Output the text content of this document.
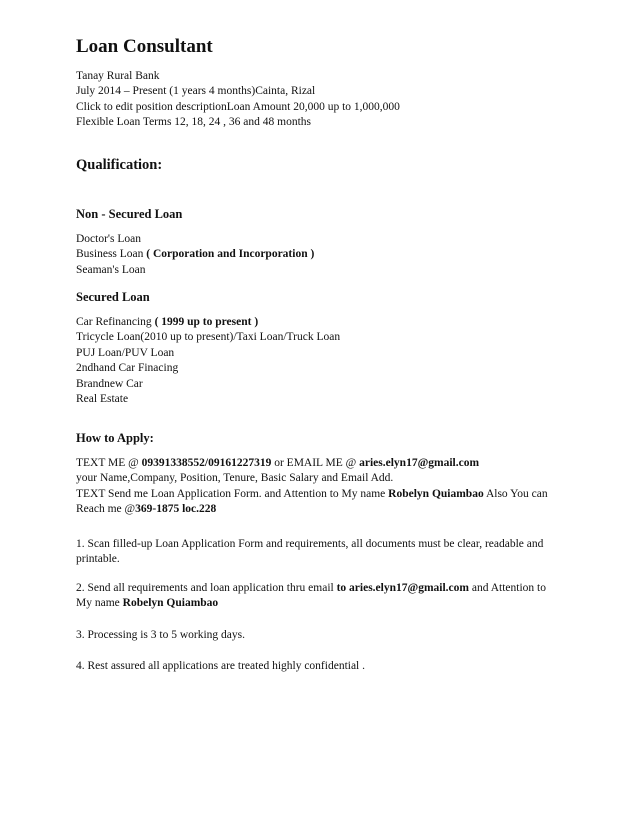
Loan Consultant
Tanay Rural Bank
July 2014 – Present (1 years 4 months)Cainta, Rizal
Click to edit position descriptionLoan Amount 20,000 up to 1,000,000
Flexible Loan Terms 12, 18, 24 , 36 and 48 months
Qualification:
Non - Secured Loan
Doctor's Loan
Business Loan ( Corporation and Incorporation )
Seaman's Loan
Secured Loan
Car Refinancing ( 1999 up to present )
Tricycle Loan(2010 up to present)/Taxi Loan/Truck Loan
PUJ Loan/PUV Loan
2ndhand Car Finacing
Brandnew Car
Real Estate
How to Apply:
TEXT ME @ 09391338552/09161227319 or EMAIL ME @ aries.elyn17@gmail.com
your Name,Company, Position, Tenure, Basic Salary and Email Add.
TEXT Send me Loan Application Form. and Attention to My name Robelyn Quiambao Also You can
Reach me @369-1875 loc.228
1. Scan filled-up Loan Application Form and requirements, all documents must be clear, readable and
printable.
2. Send all requirements and loan application thru email to aries.elyn17@gmail.com and Attention to
My name Robelyn Quiambao
3. Processing is 3 to 5 working days.
4. Rest assured all applications are treated highly confidential .
